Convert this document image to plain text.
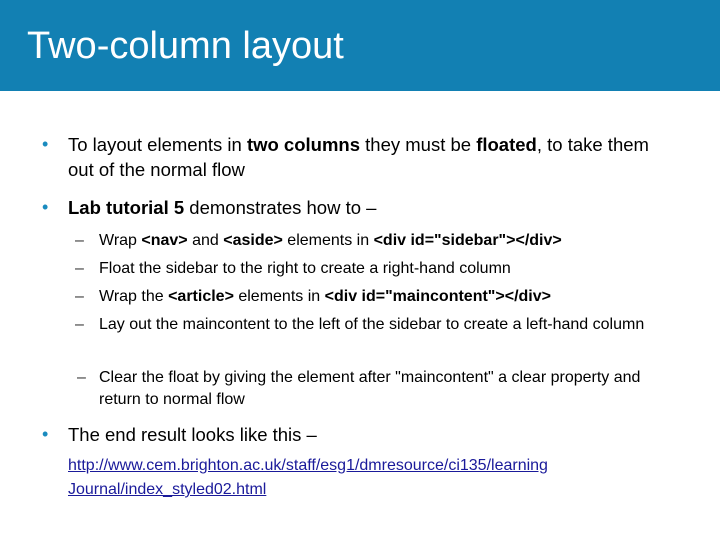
Two-column layout
• To layout elements in two columns they must be floated, to take them out of the normal flow
• Lab tutorial 5 demonstrates how to –
– Wrap <nav> and <aside> elements in <div id="sidebar"></div>
– Float the sidebar to the right to create a right-hand column
– Wrap the <article> elements in <div id="maincontent"></div>
– Lay out the maincontent to the left of the sidebar to create a left-hand column
– Clear the float by giving the element after "maincontent" a clear property and return to normal flow
• The end result looks like this –
http://www.cem.brighton.ac.uk/staff/esg1/dmresource/ci135/learning Journal/index_styled02.html
